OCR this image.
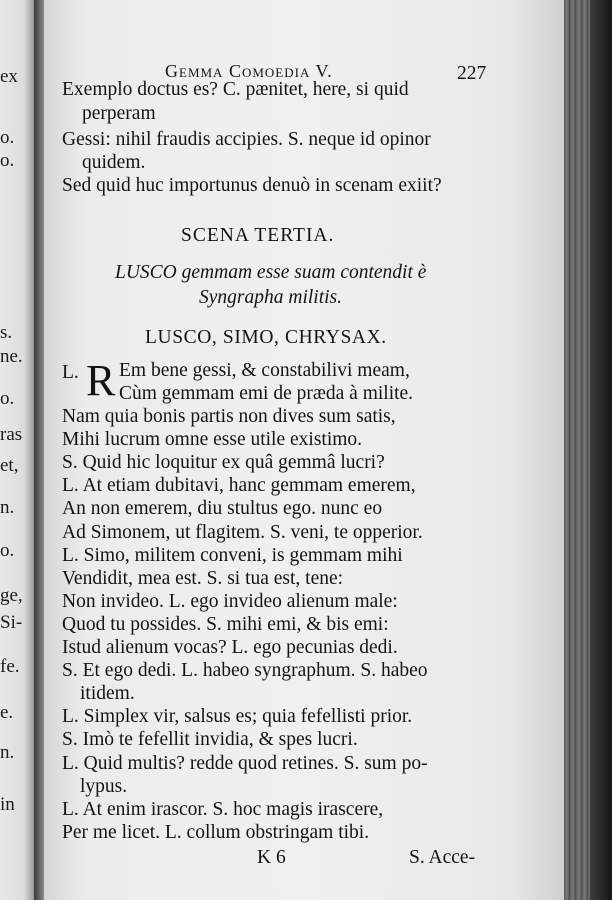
ex
o.
o.
s.
ne.
o.
ras
et,
n.
o.
ge,
Si-
fe.
e.
n.
in
Gemma Comoedia V.	227
Exemplo doctus es? C. pænitet, here, si quid
perperam
Gessi: nihil fraudis accipies. S. neque id opinor
quidem.
Sed quid huc importunus denuò in scenam exiit?
SCENA TERTIA.
LUSCO gemmam esse suam contendit è
Syngrapha militis.
LUSCO, SIMO, CHRYSAX.
L. R Em bene gessi, & constabilivi meam,
Cùm gemmam emi de præda à milite.
Nam quia bonis partis non dives sum satis,
Mihi lucrum omne esse utile existimo.
S. Quid hic loquitur ex quâ gemmâ lucri?
L. At etiam dubitavi, hanc gemmam emerem,
An non emerem, diu stultus ego. nunc eo
Ad Simonem, ut flagitem. S. veni, te opperior.
L. Simo, militem conveni, is gemmam mihi
Vendidit, mea est. S. si tua est, tene:
Non invideo. L. ego invideo alienum male:
Quod tu possides. S. mihi emi, & bis emi:
Istud alienum vocas? L. ego pecunias dedi.
S. Et ego dedi. L. habeo syngraphum. S. habeo
itidem.
L. Simplex vir, salsus es; quia fefellisti prior.
S. Imò te fefellit invidia, & spes lucri.
L. Quid multis? redde quod retines. S. sum po-
lypus.
L. At enim irascor. S. hoc magis irascere,
Per me licet. L. collum obstringam tibi.
K 6	S. Acce-
